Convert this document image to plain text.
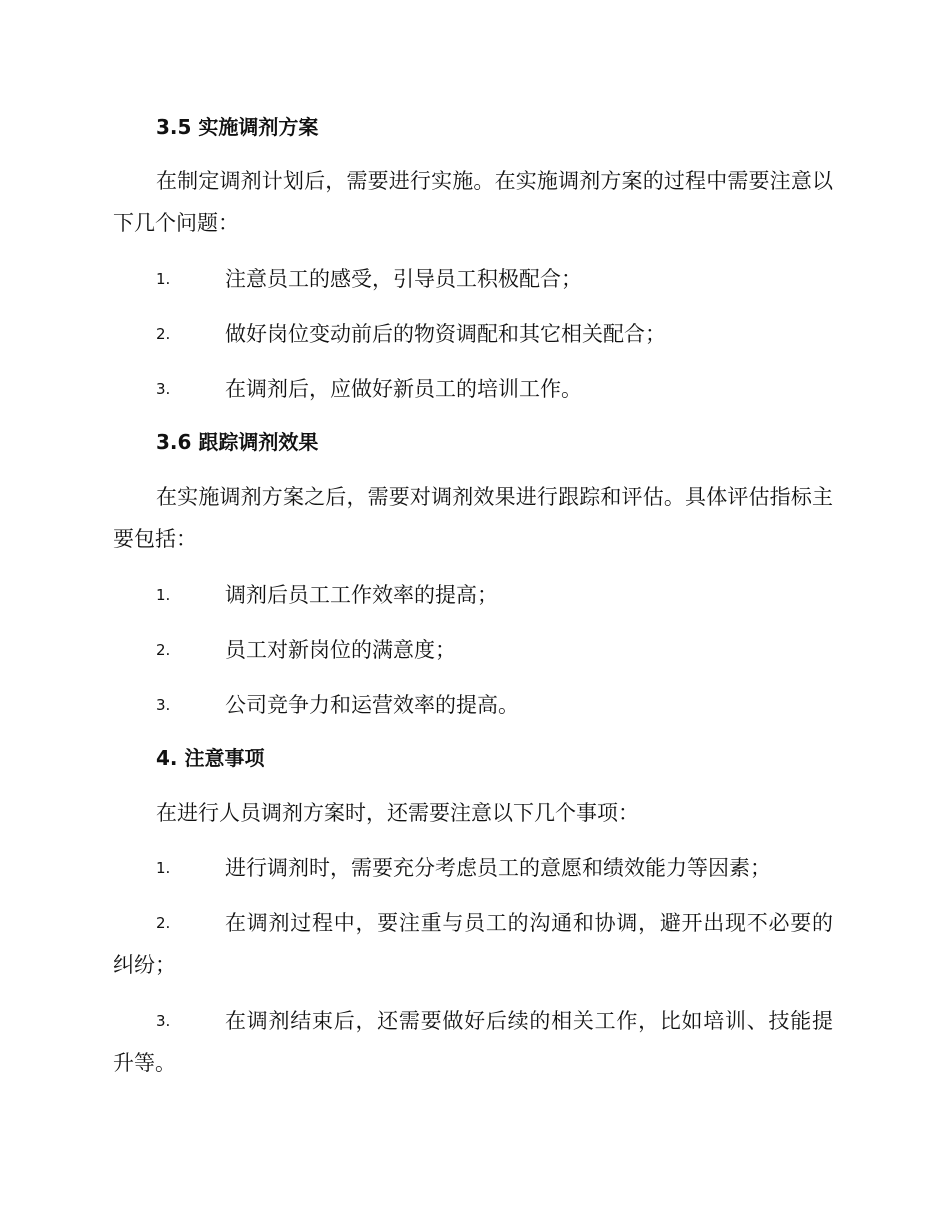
3.5 实施调剂方案

在制定调剂计划后，需要进行实施。在实施调剂方案的过程中需要注意以下几个问题：

1.	注意员工的感受，引导员工积极配合；
2.	做好岗位变动前后的物资调配和其它相关配合；
3.	在调剂后，应做好新员工的培训工作。
3.6 跟踪调剂效果

在实施调剂方案之后，需要对调剂效果进行跟踪和评估。具体评估指标主要包括：

1.	调剂后员工工作效率的提高；
2.	员工对新岗位的满意度；
3.	公司竞争力和运营效率的提高。
4. 注意事项

在进行人员调剂方案时，还需要注意以下几个事项：

1.	进行调剂时，需要充分考虑员工的意愿和绩效能力等因素；
2.	在调剂过程中，要注重与员工的沟通和协调，避开出现不必要的纠纷；
3.	在调剂结束后，还需要做好后续的相关工作，比如培训、技能提升等。
